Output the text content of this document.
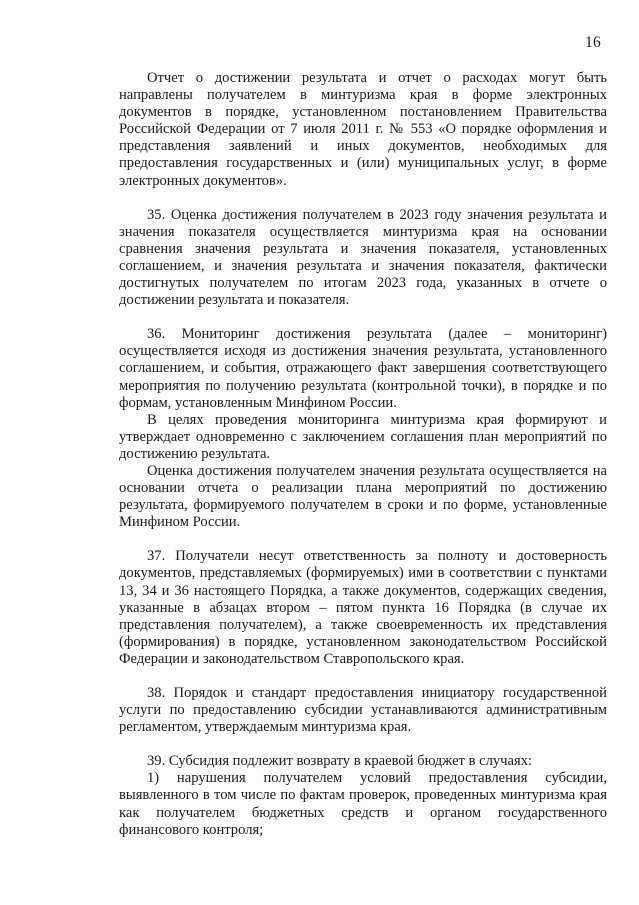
16

Отчет о достижении результата и отчет о расходах могут быть направлены получателем в минтуризма края в форме электронных документов в порядке, установленном постановлением Правительства Российской Федерации от 7 июля 2011 г. № 553 «О порядке оформления и представления заявлений и иных документов, необходимых для предоставления государственных и (или) муниципальных услуг, в форме электронных документов».

35. Оценка достижения получателем в 2023 году значения результата и значения показателя осуществляется минтуризма края на основании сравнения значения результата и значения показателя, установленных соглашением, и значения результата и значения показателя, фактически достигнутых получателем по итогам 2023 года, указанных в отчете о достижении результата и показателя.

36. Мониторинг достижения результата (далее – мониторинг) осуществляется исходя из достижения значения результата, установленного соглашением, и события, отражающего факт завершения соответствующего мероприятия по получению результата (контрольной точки), в порядке и по формам, установленным Минфином России.

В целях проведения мониторинга минтуризма края формируют и утверждает одновременно с заключением соглашения план мероприятий по достижению результата.

Оценка достижения получателем значения результата осуществляется на основании отчета о реализации плана мероприятий по достижению результата, формируемого получателем в сроки и по форме, установленные Минфином России.

37. Получатели несут ответственность за полноту и достоверность документов, представляемых (формируемых) ими в соответствии с пунктами 13, 34 и 36 настоящего Порядка, а также документов, содержащих сведения, указанные в абзацах втором – пятом пункта 16 Порядка (в случае их представления получателем), а также своевременность их представления (формирования) в порядке, установленном законодательством Российской Федерации и законодательством Ставропольского края.

38. Порядок и стандарт предоставления инициатору государственной услуги по предоставлению субсидии устанавливаются административным регламентом, утверждаемым минтуризма края.

39. Субсидия подлежит возврату в краевой бюджет в случаях:

1) нарушения получателем условий предоставления субсидии, выявленного в том числе по фактам проверок, проведенных минтуризма края как получателем бюджетных средств и органом государственного финансового контроля;
